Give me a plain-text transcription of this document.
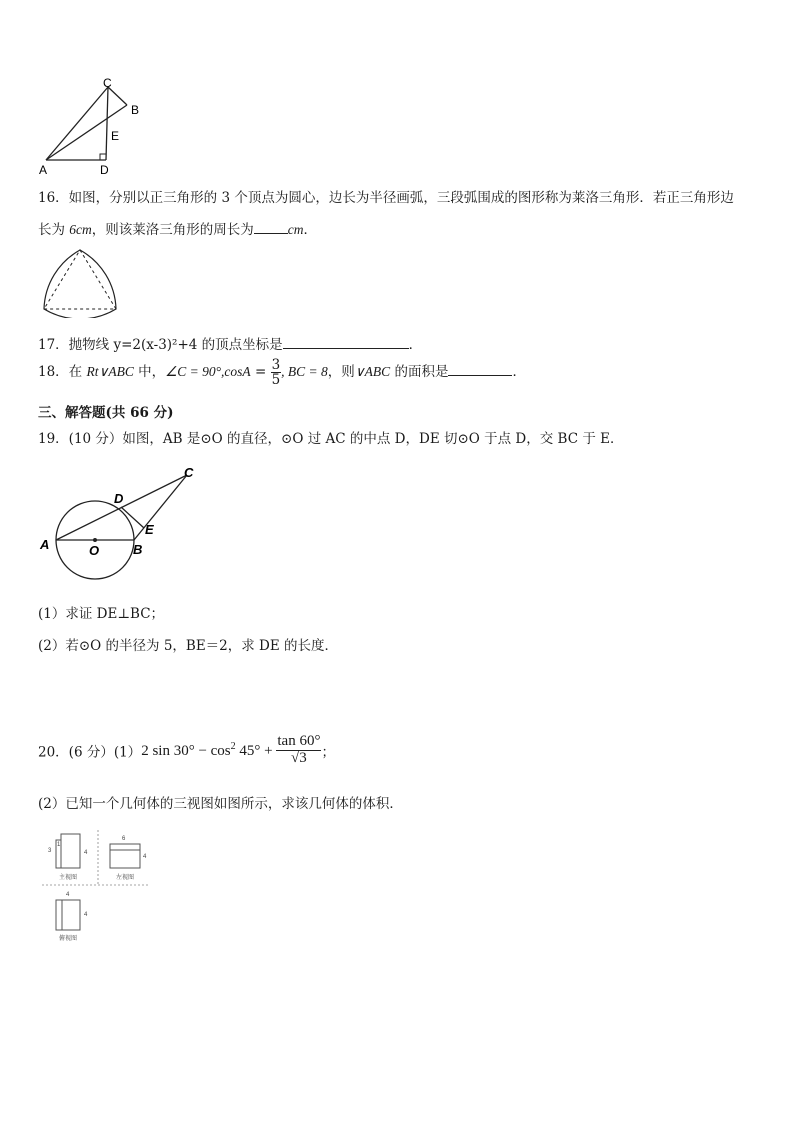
C
B
E
A	D
16．如图，分别以正三角形的 3 个顶点为圆心，边长为半径画弧，三段弧围成的图形称为莱洛三角形．若正三角形边
长为 6cm，则该莱洛三角形的周长为	cm．
17．抛物线 y=2(x-3)²+4 的顶点坐标是	．
18．在 Rt∨ABC 中，∠C = $90^\circ,\cos A = \frac{3}{5}$ , BC = 8，则∨ABC 的面积是	．
三、解答题(共 66 分)
19．(10 分）如图，AB 是⊙O 的直径，⊙O 过 AC 的中点 D，DE 切⊙O 于点 D，交 BC 于 E．
C
D
E
A	O	B
(1）求证 DE⊥BC；
(2）若⊙O 的半径为 5，BE＝2，求 DE 的长度．
20．(6 分）(1）2 $\sin 30^\circ - \cos^2 45^\circ + \frac{\tan 60^\circ}{√3}$ ；
(2）已知一个几何体的三视图如图所示，求该几何体的体积．
3
1
4
6
4
4
4
主视图	左视图
俯视图
